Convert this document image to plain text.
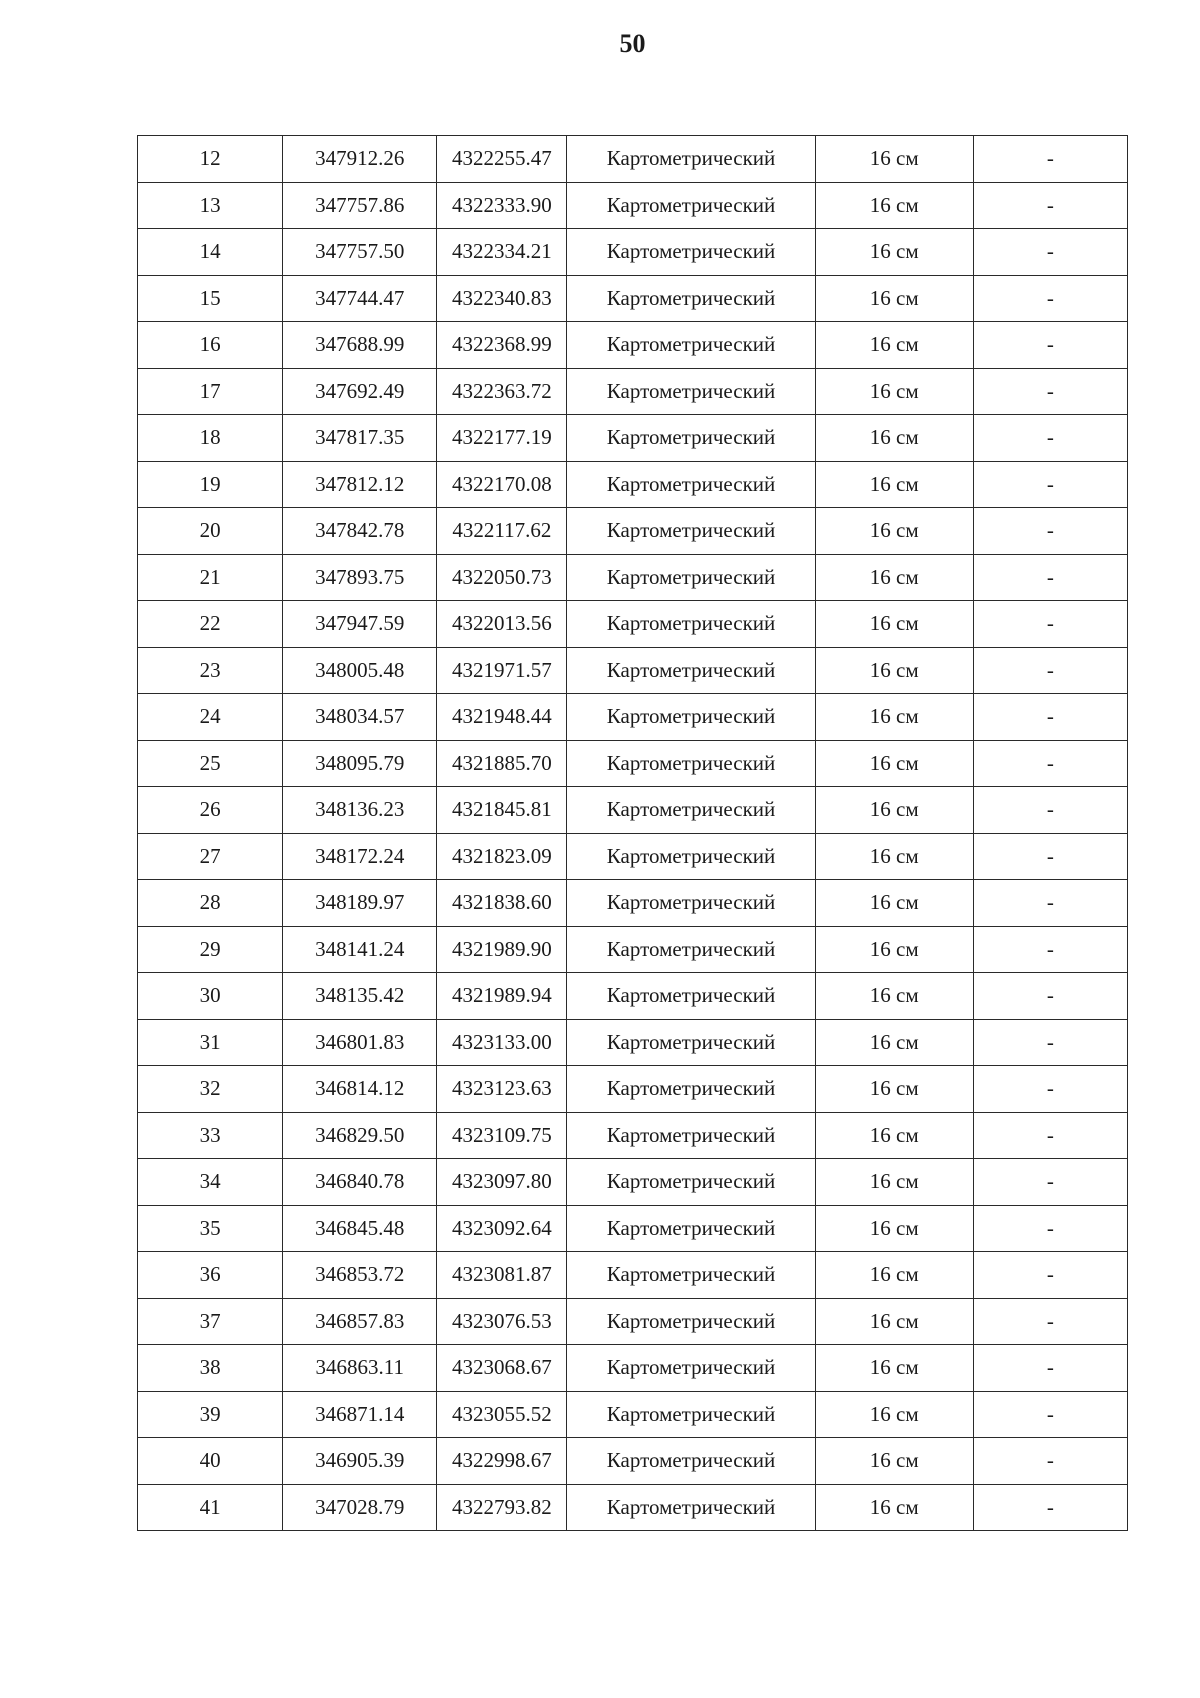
50
12	347912.26	4322255.47	Картометрический	16 см	-
13	347757.86	4322333.90	Картометрический	16 см	-
14	347757.50	4322334.21	Картометрический	16 см	-
15	347744.47	4322340.83	Картометрический	16 см	-
16	347688.99	4322368.99	Картометрический	16 см	-
17	347692.49	4322363.72	Картометрический	16 см	-
18	347817.35	4322177.19	Картометрический	16 см	-
19	347812.12	4322170.08	Картометрический	16 см	-
20	347842.78	4322117.62	Картометрический	16 см	-
21	347893.75	4322050.73	Картометрический	16 см	-
22	347947.59	4322013.56	Картометрический	16 см	-
23	348005.48	4321971.57	Картометрический	16 см	-
24	348034.57	4321948.44	Картометрический	16 см	-
25	348095.79	4321885.70	Картометрический	16 см	-
26	348136.23	4321845.81	Картометрический	16 см	-
27	348172.24	4321823.09	Картометрический	16 см	-
28	348189.97	4321838.60	Картометрический	16 см	-
29	348141.24	4321989.90	Картометрический	16 см	-
30	348135.42	4321989.94	Картометрический	16 см	-
31	346801.83	4323133.00	Картометрический	16 см	-
32	346814.12	4323123.63	Картометрический	16 см	-
33	346829.50	4323109.75	Картометрический	16 см	-
34	346840.78	4323097.80	Картометрический	16 см	-
35	346845.48	4323092.64	Картометрический	16 см	-
36	346853.72	4323081.87	Картометрический	16 см	-
37	346857.83	4323076.53	Картометрический	16 см	-
38	346863.11	4323068.67	Картометрический	16 см	-
39	346871.14	4323055.52	Картометрический	16 см	-
40	346905.39	4322998.67	Картометрический	16 см	-
41	347028.79	4322793.82	Картометрический	16 см	-
